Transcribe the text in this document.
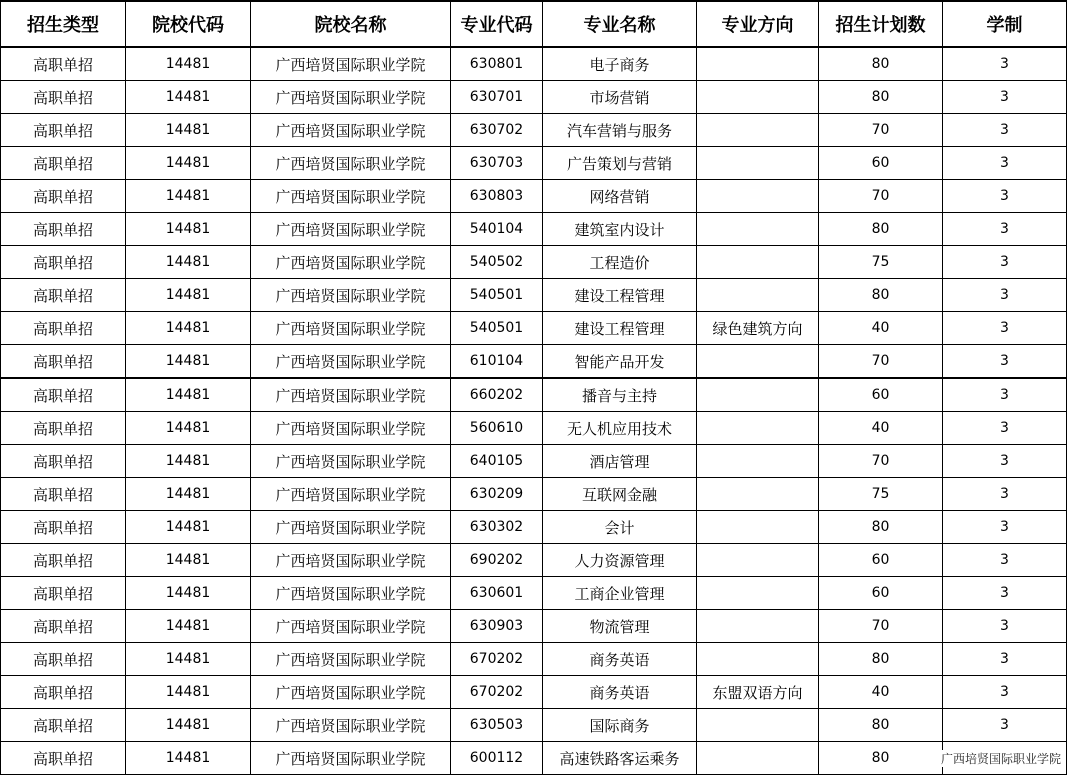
招生类型	院校代码	院校名称	专业代码	专业名称	专业方向	招生计划数	学制
高职单招	14481	广西培贤国际职业学院	630801	电子商务		80	3
高职单招	14481	广西培贤国际职业学院	630701	市场营销		80	3
高职单招	14481	广西培贤国际职业学院	630702	汽车营销与服务		70	3
高职单招	14481	广西培贤国际职业学院	630703	广告策划与营销		60	3
高职单招	14481	广西培贤国际职业学院	630803	网络营销		70	3
高职单招	14481	广西培贤国际职业学院	540104	建筑室内设计		80	3
高职单招	14481	广西培贤国际职业学院	540502	工程造价		75	3
高职单招	14481	广西培贤国际职业学院	540501	建设工程管理		80	3
高职单招	14481	广西培贤国际职业学院	540501	建设工程管理	绿色建筑方向	40	3
高职单招	14481	广西培贤国际职业学院	610104	智能产品开发		70	3
高职单招	14481	广西培贤国际职业学院	660202	播音与主持		60	3
高职单招	14481	广西培贤国际职业学院	560610	无人机应用技术		40	3
高职单招	14481	广西培贤国际职业学院	640105	酒店管理		70	3
高职单招	14481	广西培贤国际职业学院	630209	互联网金融		75	3
高职单招	14481	广西培贤国际职业学院	630302	会计		80	3
高职单招	14481	广西培贤国际职业学院	690202	人力资源管理		60	3
高职单招	14481	广西培贤国际职业学院	630601	工商企业管理		60	3
高职单招	14481	广西培贤国际职业学院	630903	物流管理		70	3
高职单招	14481	广西培贤国际职业学院	670202	商务英语		80	3
高职单招	14481	广西培贤国际职业学院	670202	商务英语	东盟双语方向	40	3
高职单招	14481	广西培贤国际职业学院	630503	国际商务		80	3
高职单招	14481	广西培贤国际职业学院	600112	高速铁路客运乘务		80		广西培贤国际职业学院
